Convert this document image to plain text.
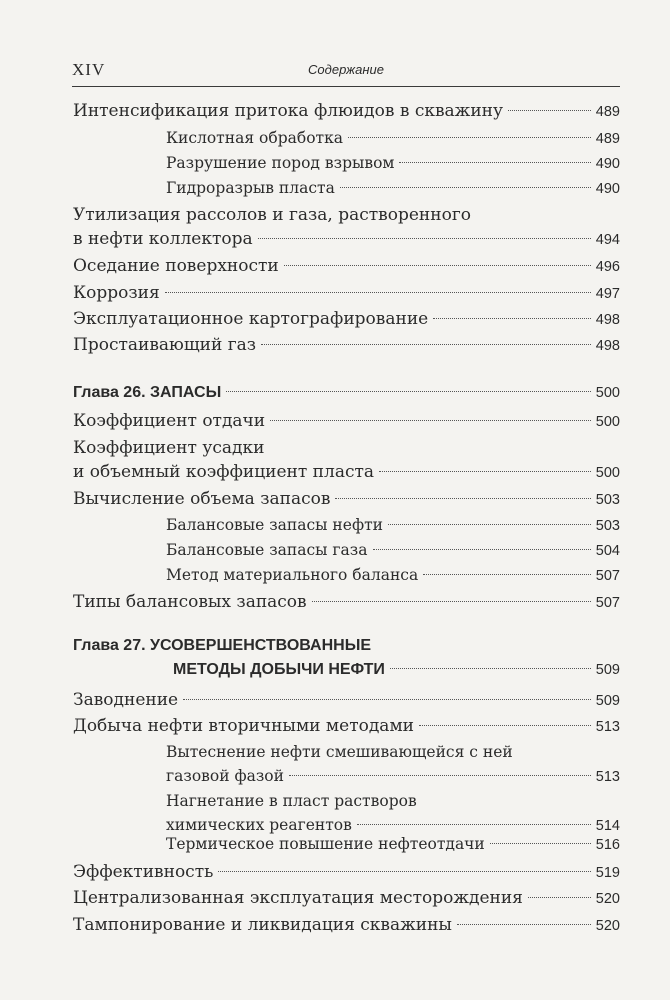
XIV	Содержание
Интенсификация притока флюидов в скважину	489
Кислотная обработка	489
Разрушение пород взрывом	490
Гидроразрыв пласта	490
Утилизация рассолов и газа, растворенного
в нефти коллектора	494
Оседание поверхности	496
Коррозия	497
Эксплуатационное картографирование	498
Простаивающий газ	498
Глава 26. ЗАПАСЫ	500
Коэффициент отдачи	500
Коэффициент усадки
и объемный коэффициент пласта	500
Вычисление объема запасов	503
Балансовые запасы нефти	503
Балансовые запасы газа	504
Метод материального баланса	507
Типы балансовых запасов	507
Глава 27. УСОВЕРШЕНСТВОВАННЫЕ
МЕТОДЫ ДОБЫЧИ НЕФТИ	509
Заводнение	509
Добыча нефти вторичными методами	513
Вытеснение нефти смешивающейся с ней
газовой фазой	513
Нагнетание в пласт растворов
химических реагентов	514
Термическое повышение нефтеотдачи	516
Эффективность	519
Централизованная эксплуатация месторождения	520
Тампонирование и ликвидация скважины	520
